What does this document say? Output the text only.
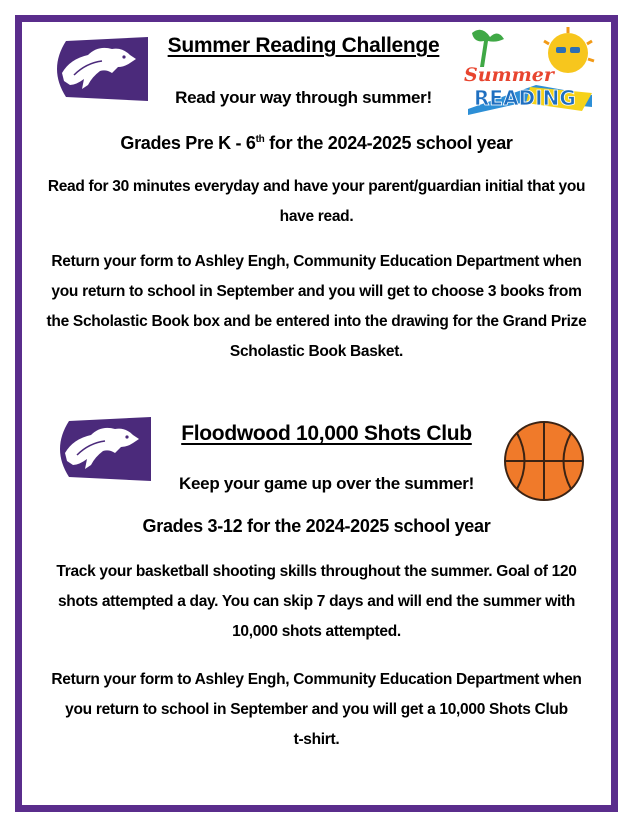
Summer Reading Challenge
Read your way through summer!
Summer
READING
Grades Pre K - 6th for the 2024-2025 school year
Read for 30 minutes everyday and have your parent/guardian initial that you
have read.
Return your form to Ashley Engh, Community Education Department when
you return to school in September and you will get to choose 3 books from
the Scholastic Book box and be entered into the drawing for the Grand Prize
Scholastic Book Basket.
Floodwood 10,000 Shots Club
Keep your game up over the summer!
Grades 3-12 for the 2024-2025 school year
Track your basketball shooting skills throughout the summer. Goal of 120
shots attempted a day. You can skip 7 days and will end the summer with
10,000 shots attempted.
Return your form to Ashley Engh, Community Education Department when
you return to school in September and you will get a 10,000 Shots Club
t-shirt.
